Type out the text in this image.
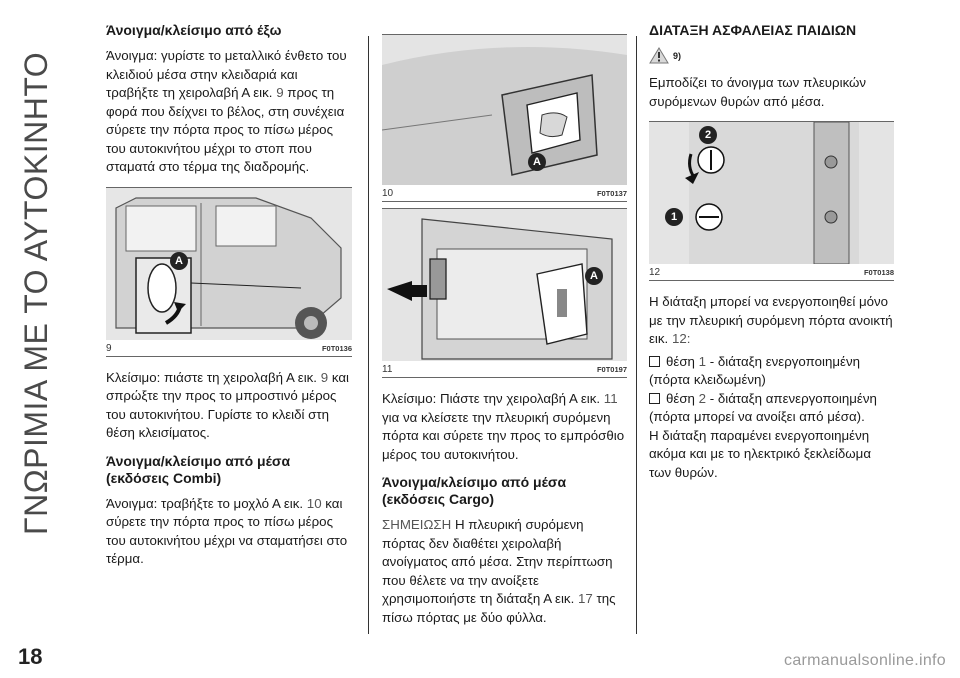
ΓΝΩΡΙΜΙΑ ΜΕ ΤΟ ΑΥΤΟΚΙΝΗΤΟ
Άνοιγμα/κλείσιμο από έξω

Άνοιγμα: γυρίστε το μεταλλικό ένθετο του κλειδιού μέσα στην κλειδαριά και τραβήξτε τη χειρολαβή Α εικ. 9 προς τη φορά που δείχνει το βέλος, στη συνέχεια σύρετε την πόρτα προς το πίσω μέρος του αυτοκινήτου μέχρι το στοπ που σταματά στο τέρμα της διαδρομής.

A
9	F0T0136

Κλείσιμο: πιάστε τη χειρολαβή Α εικ. 9 και σπρώξτε την προς το μπροστινό μέρος του αυτοκινήτου. Γυρίστε το κλειδί στη θέση κλεισίματος.

Άνοιγμα/κλείσιμο από μέσα (εκδόσεις Combi)

Άνοιγμα: τραβήξτε το μοχλό Α εικ. 10 και σύρετε την πόρτα προς το πίσω μέρος του αυτοκινήτου μέχρι να σταματήσει στο τέρμα.

A
10	F0T0137
A
11	F0T0197

Κλείσιμο: Πιάστε την χειρολαβή Α εικ. 11 για να κλείσετε την πλευρική συρόμενη πόρτα και σύρετε την προς το εμπρόσθιο μέρος του αυτοκινήτου.

Άνοιγμα/κλείσιμο από μέσα (εκδόσεις Cargo)

ΣΗΜΕΙΩΣΗ Η πλευρική συρόμενη πόρτας δεν διαθέτει χειρολαβή ανοίγματος από μέσα. Στην περίπτωση που θέλετε να την ανοίξετε χρησιμοποιήστε τη διάταξη Α εικ. 17 της πίσω πόρτας με δύο φύλλα.

ΔΙΑΤΑΞΗ ΑΣΦΑΛΕΙΑΣ ΠΑΙΔΙΩΝ
9)

Εμποδίζει το άνοιγμα των πλευρικών συρόμενων θυρών από μέσα.

2
1
12	F0T0138

Η διάταξη μπορεί να ενεργοποιηθεί μόνο με την πλευρική συρόμενη πόρτα ανοικτή εικ. 12:

θέση 1 - διάταξη ενεργοποιημένη
(πόρτα κλειδωμένη)
θέση 2 - διάταξη απενεργοποιημένη
(πόρτα μπορεί να ανοίξει από μέσα).

Η διάταξη παραμένει ενεργοποιημένη ακόμα και με το ηλεκτρικό ξεκλείδωμα των θυρών.

18	carmanualsonline.info
